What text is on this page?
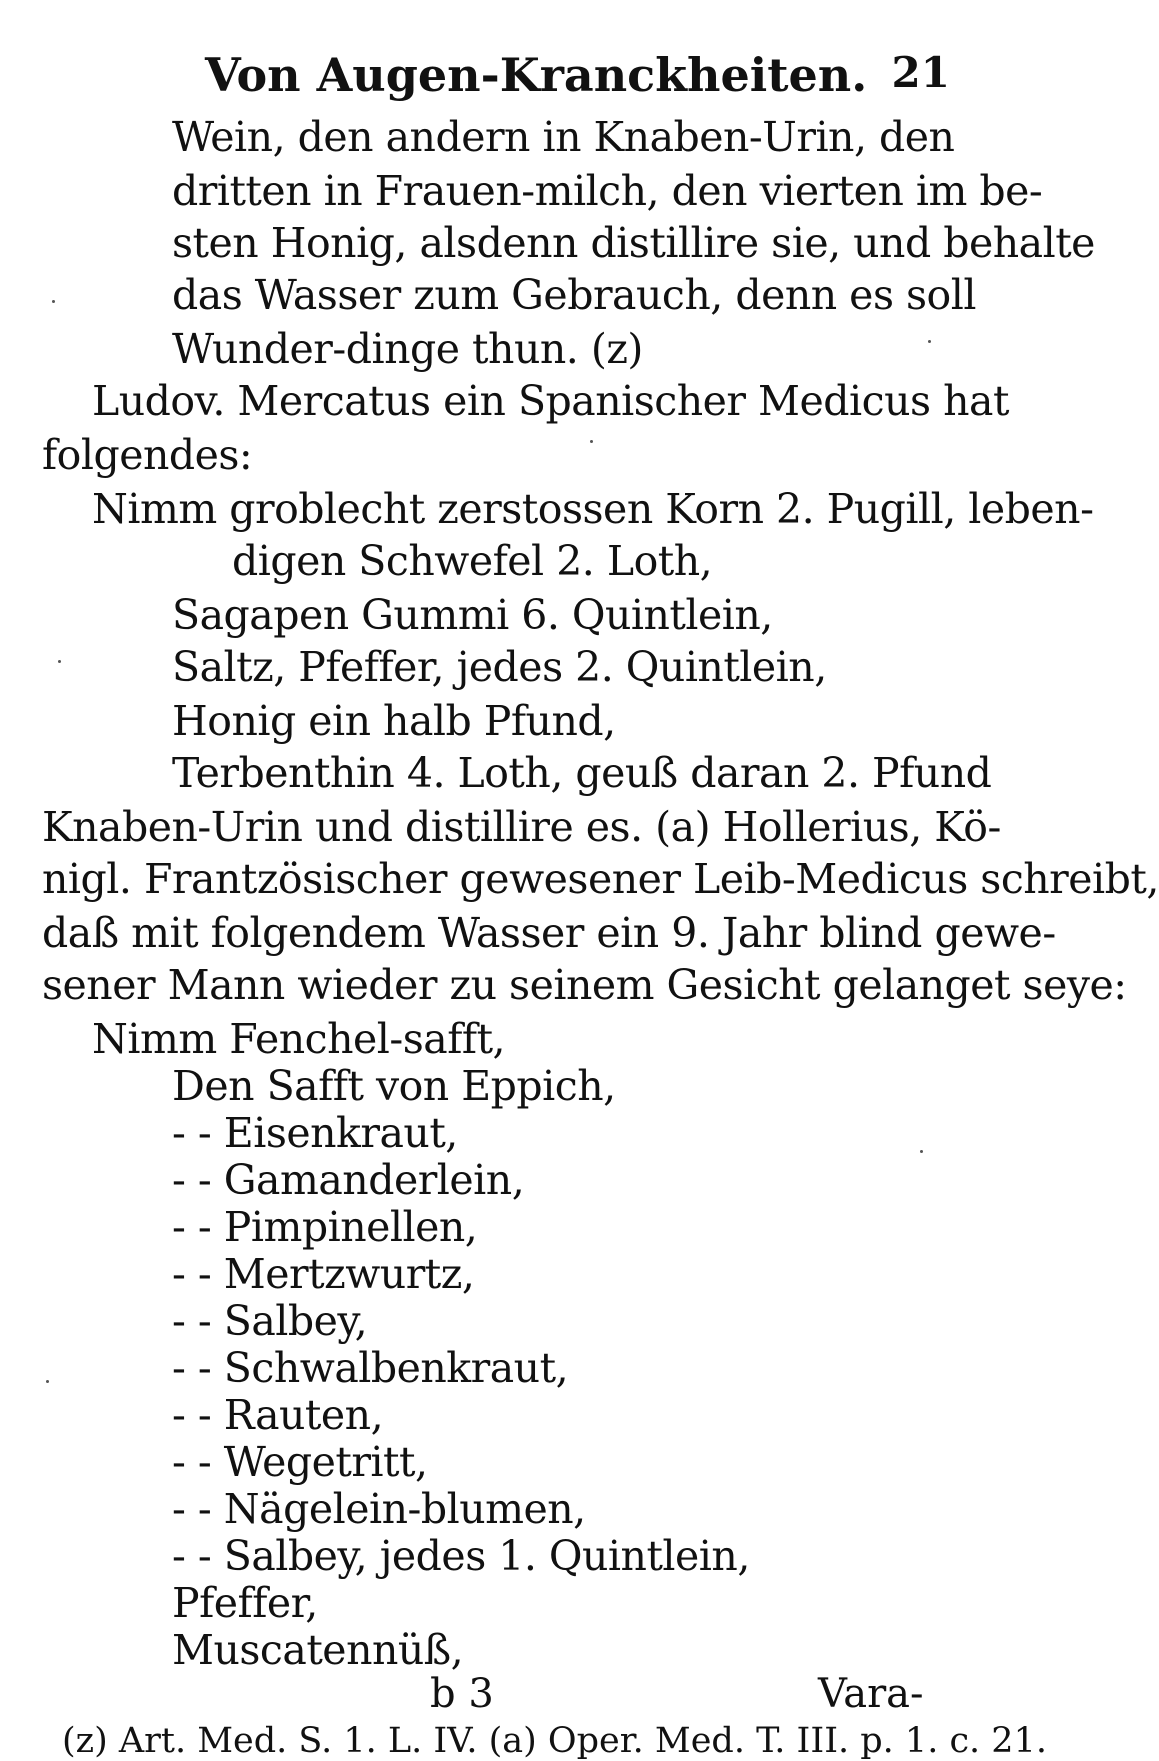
Von Augen-Kranckheiten. 21
Wein, den andern in Knaben-Urin, den
dritten in Frauen-milch, den vierten im be-
sten Honig, alsdenn distillire sie, und behalte
das Wasser zum Gebrauch, denn es soll
Wunder-dinge thun. (z)
Ludov. Mercatus ein Spanischer Medicus hat
folgendes:
Nimm groblecht zerstossen Korn 2. Pugill, leben-
digen Schwefel 2. Loth,
Sagapen Gummi 6. Quintlein,
Saltz, Pfeffer, jedes 2. Quintlein,
Honig ein halb Pfund,
Terbenthin 4. Loth, geuß daran 2. Pfund
Knaben-Urin und distillire es. (a) Hollerius, Kö-
nigl. Frantzösischer gewesener Leib-Medicus schreibt,
daß mit folgendem Wasser ein 9. Jahr blind gewe-
sener Mann wieder zu seinem Gesicht gelanget seye:
Nimm Fenchel-safft,
Den Safft von Eppich,
- - Eisenkraut,
- - Gamanderlein,
- - Pimpinellen,
- - Mertzwurtz,
- - Salbey,
- - Schwalbenkraut,
- - Rauten,
- - Wegetritt,
- - Nägelein-blumen,
- - Salbey, jedes 1. Quintlein,
b 3	Vara-
(z) Art. Med. S. 1. L. IV. (a) Oper. Med. T. III. p. 1. c. 21.
Pfeffer,
Muscatennüß,
